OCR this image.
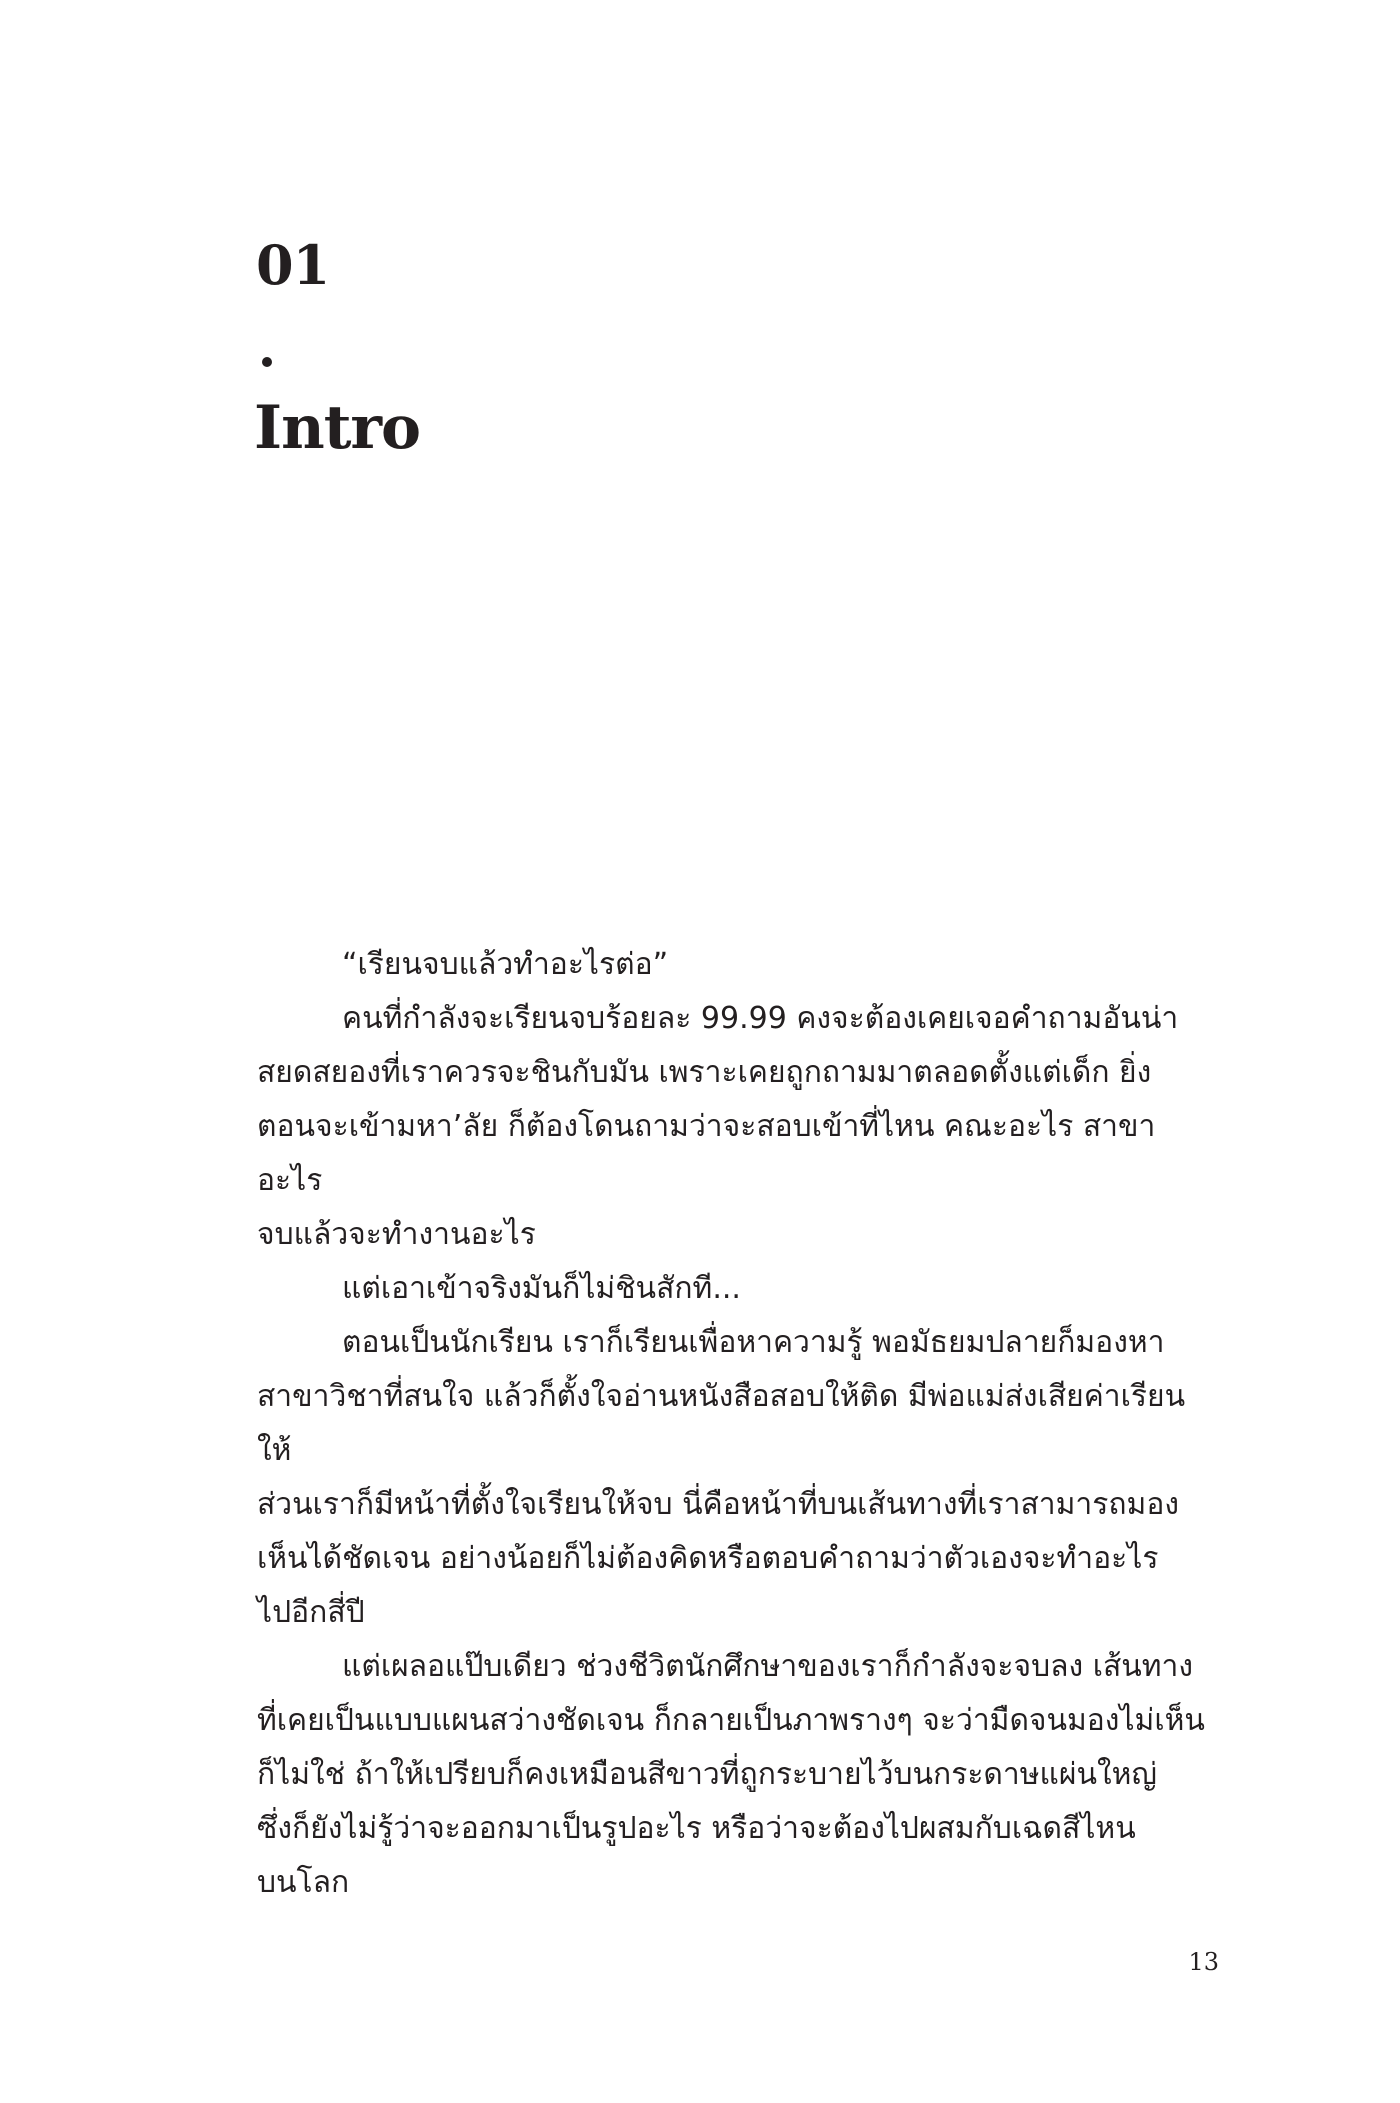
01
Intro

“เรียนจบแล้วทำอะไรต่อ”

คนที่กำลังจะเรียนจบร้อยละ 99.99 คงจะต้องเคยเจอคำถามอันน่า
สยดสยองที่เราควรจะชินกับมัน เพราะเคยถูกถามมาตลอดตั้งแต่เด็ก ยิ่ง
ตอนจะเข้ามหา’ลัย ก็ต้องโดนถามว่าจะสอบเข้าที่ไหน คณะอะไร สาขาอะไร
จบแล้วจะทำงานอะไร

แต่เอาเข้าจริงมันก็ไม่ชินสักที...

ตอนเป็นนักเรียน เราก็เรียนเพื่อหาความรู้ พอมัธยมปลายก็มองหา
สาขาวิชาที่สนใจ แล้วก็ตั้งใจอ่านหนังสือสอบให้ติด มีพ่อแม่ส่งเสียค่าเรียนให้
ส่วนเราก็มีหน้าที่ตั้งใจเรียนให้จบ นี่คือหน้าที่บนเส้นทางที่เราสามารถมอง
เห็นได้ชัดเจน อย่างน้อยก็ไม่ต้องคิดหรือตอบคำถามว่าตัวเองจะทำอะไร
ไปอีกสี่ปี

แต่เผลอแป๊บเดียว ช่วงชีวิตนักศึกษาของเราก็กำลังจะจบลง เส้นทาง
ที่เคยเป็นแบบแผนสว่างชัดเจน ก็กลายเป็นภาพรางๆ จะว่ามืดจนมองไม่เห็น
ก็ไม่ใช่ ถ้าให้เปรียบก็คงเหมือนสีขาวที่ถูกระบายไว้บนกระดาษแผ่นใหญ่
ซึ่งก็ยังไม่รู้ว่าจะออกมาเป็นรูปอะไร หรือว่าจะต้องไปผสมกับเฉดสีไหน
บนโลก

13
